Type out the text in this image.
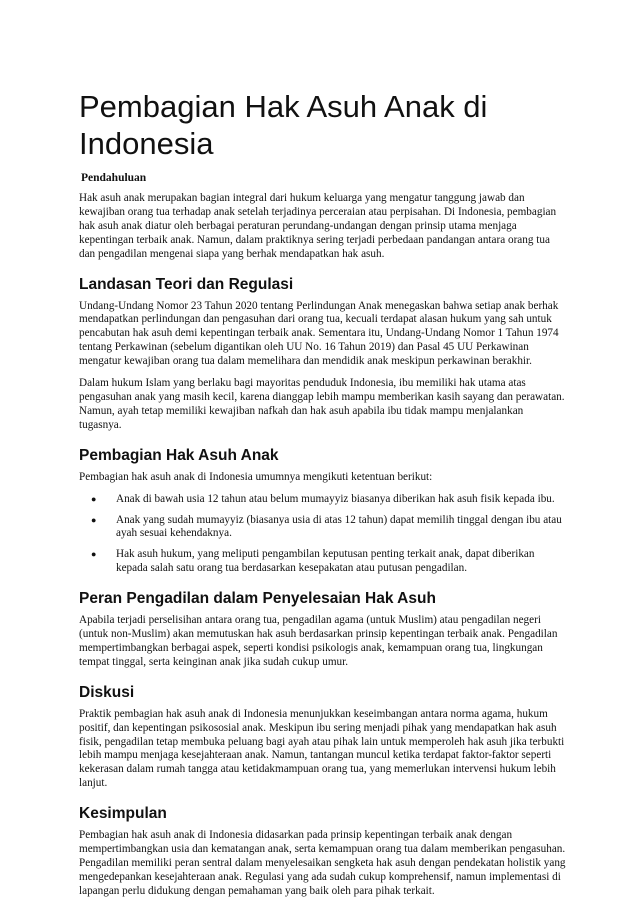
Pembagian Hak Asuh Anak di Indonesia
Pendahuluan

Hak asuh anak merupakan bagian integral dari hukum keluarga yang mengatur tanggung jawab dan kewajiban orang tua terhadap anak setelah terjadinya perceraian atau perpisahan. Di Indonesia, pembagian hak asuh anak diatur oleh berbagai peraturan perundang-undangan dengan prinsip utama menjaga kepentingan terbaik anak. Namun, dalam praktiknya sering terjadi perbedaan pandangan antara orang tua dan pengadilan mengenai siapa yang berhak mendapatkan hak asuh.

Landasan Teori dan Regulasi

Undang-Undang Nomor 23 Tahun 2020 tentang Perlindungan Anak menegaskan bahwa setiap anak berhak mendapatkan perlindungan dan pengasuhan dari orang tua, kecuali terdapat alasan hukum yang sah untuk pencabutan hak asuh demi kepentingan terbaik anak. Sementara itu, Undang-Undang Nomor 1 Tahun 1974 tentang Perkawinan (sebelum digantikan oleh UU No. 16 Tahun 2019) dan Pasal 45 UU Perkawinan mengatur kewajiban orang tua dalam memelihara dan mendidik anak meskipun perkawinan berakhir.

Dalam hukum Islam yang berlaku bagi mayoritas penduduk Indonesia, ibu memiliki hak utama atas pengasuhan anak yang masih kecil, karena dianggap lebih mampu memberikan kasih sayang dan perawatan. Namun, ayah tetap memiliki kewajiban nafkah dan hak asuh apabila ibu tidak mampu menjalankan tugasnya.

Pembagian Hak Asuh Anak

Pembagian hak asuh anak di Indonesia umumnya mengikuti ketentuan berikut:

● Anak di bawah usia 12 tahun atau belum mumayyiz biasanya diberikan hak asuh fisik kepada ibu.
● Anak yang sudah mumayyiz (biasanya usia di atas 12 tahun) dapat memilih tinggal dengan ibu atau ayah sesuai kehendaknya.
● Hak asuh hukum, yang meliputi pengambilan keputusan penting terkait anak, dapat diberikan kepada salah satu orang tua berdasarkan kesepakatan atau putusan pengadilan.
Peran Pengadilan dalam Penyelesaian Hak Asuh

Apabila terjadi perselisihan antara orang tua, pengadilan agama (untuk Muslim) atau pengadilan negeri (untuk non-Muslim) akan memutuskan hak asuh berdasarkan prinsip kepentingan terbaik anak. Pengadilan mempertimbangkan berbagai aspek, seperti kondisi psikologis anak, kemampuan orang tua, lingkungan tempat tinggal, serta keinginan anak jika sudah cukup umur.

Diskusi

Praktik pembagian hak asuh anak di Indonesia menunjukkan keseimbangan antara norma agama, hukum positif, dan kepentingan psikososial anak. Meskipun ibu sering menjadi pihak yang mendapatkan hak asuh fisik, pengadilan tetap membuka peluang bagi ayah atau pihak lain untuk memperoleh hak asuh jika terbukti lebih mampu menjaga kesejahteraan anak. Namun, tantangan muncul ketika terdapat faktor-faktor seperti kekerasan dalam rumah tangga atau ketidakmampuan orang tua, yang memerlukan intervensi hukum lebih lanjut.

Kesimpulan

Pembagian hak asuh anak di Indonesia didasarkan pada prinsip kepentingan terbaik anak dengan mempertimbangkan usia dan kematangan anak, serta kemampuan orang tua dalam memberikan pengasuhan. Pengadilan memiliki peran sentral dalam menyelesaikan sengketa hak asuh dengan pendekatan holistik yang mengedepankan kesejahteraan anak. Regulasi yang ada sudah cukup komprehensif, namun implementasi di lapangan perlu didukung dengan pemahaman yang baik oleh para pihak terkait.
